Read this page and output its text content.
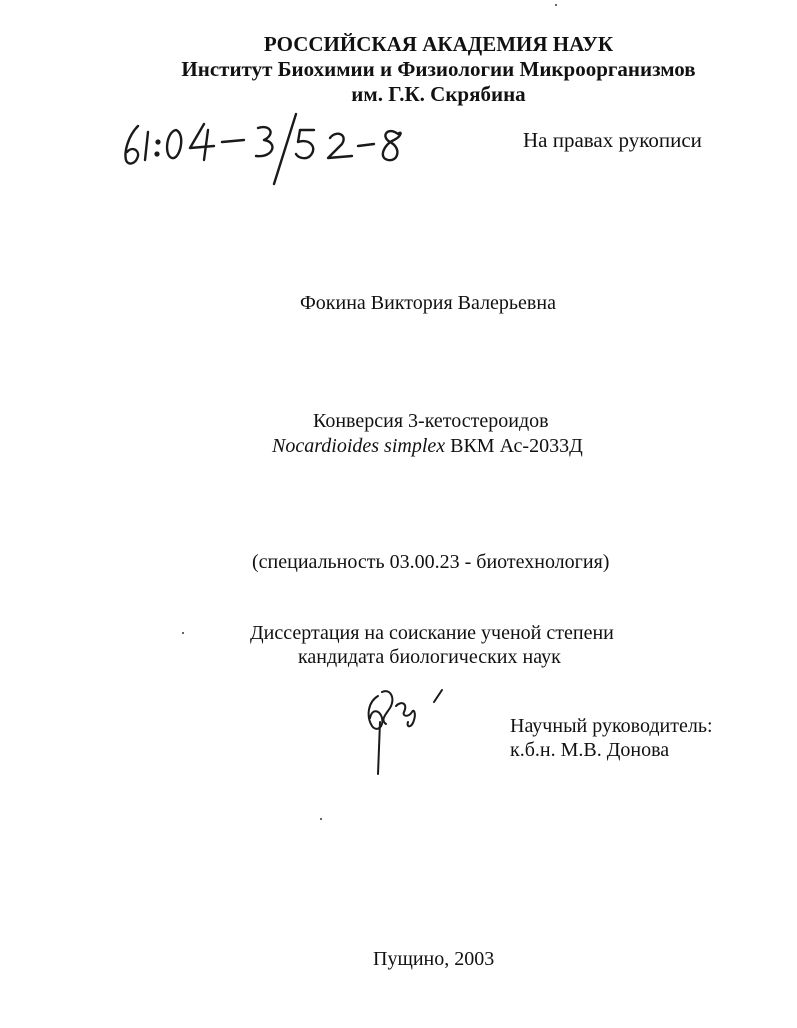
РОССИЙСКАЯ АКАДЕМИЯ НАУК
Институт Биохимии и Физиологии Микроорганизмов
им. Г.К. Скрябина
На правах рукописи
Фокина Виктория Валерьевна
Конверсия 3-кетостероидов
Nocardioides simplex ВКМ Ас-2033Д
(специальность 03.00.23 - биотехнология)
Диссертация на соискание ученой степени
кандидата биологических наук
Научный руководитель:
к.б.н. М.В. Донова
Пущино, 2003
